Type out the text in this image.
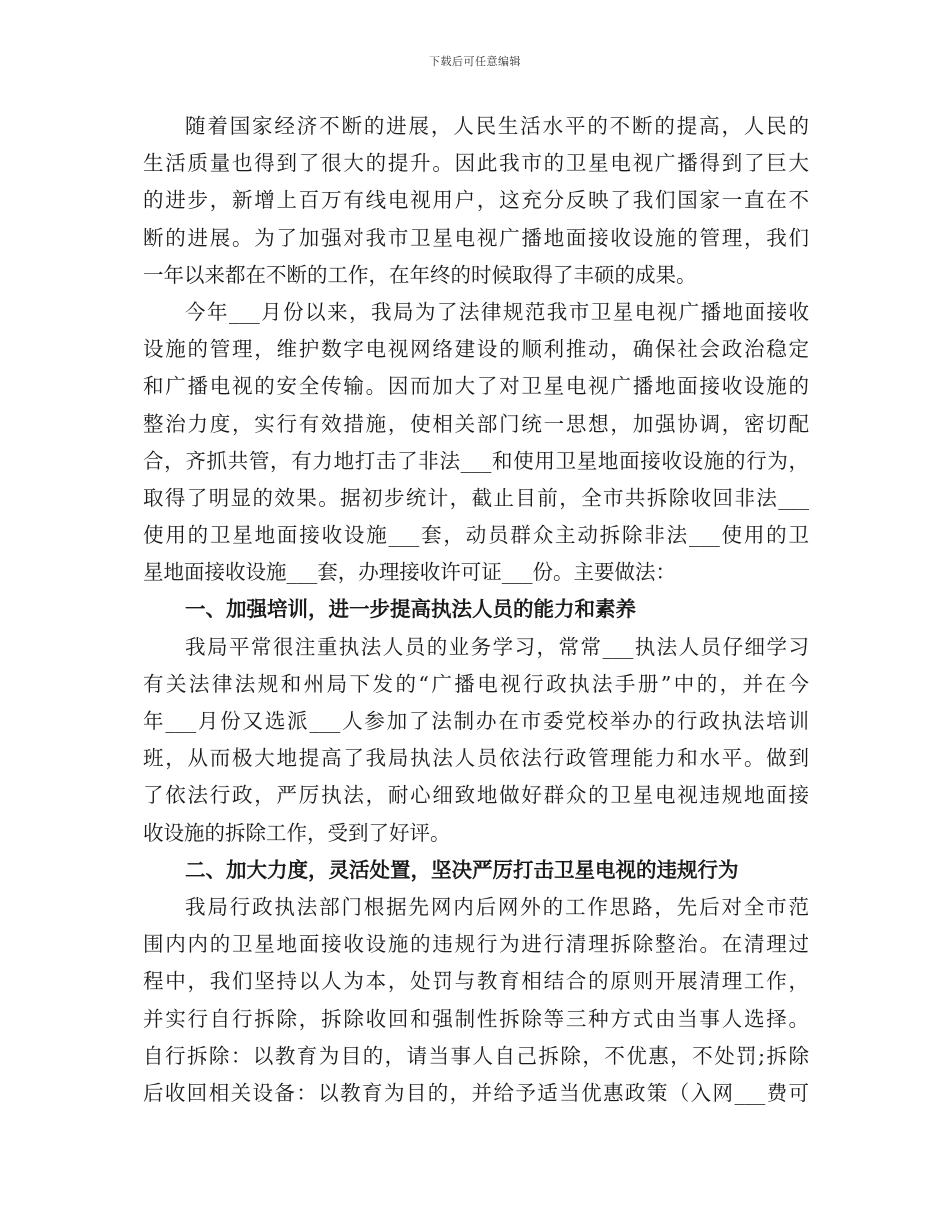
下载后可任意编辑
随着国家经济不断的进展，人民生活水平的不断的提高，人民的
生活质量也得到了很大的提升。因此我市的卫星电视广播得到了巨大
的进步，新增上百万有线电视用户，这充分反映了我们国家一直在不
断的进展。为了加强对我市卫星电视广播地面接收设施的管理，我们
一年以来都在不断的工作，在年终的时候取得了丰硕的成果。
今年___月份以来，我局为了法律规范我市卫星电视广播地面接收
设施的管理，维护数字电视网络建设的顺利推动，确保社会政治稳定
和广播电视的安全传输。因而加大了对卫星电视广播地面接收设施的
整治力度，实行有效措施，使相关部门统一思想，加强协调，密切配
合，齐抓共管，有力地打击了非法___和使用卫星地面接收设施的行为，
取得了明显的效果。据初步统计，截止目前，全市共拆除收回非法___
使用的卫星地面接收设施___套，动员群众主动拆除非法___使用的卫
星地面接收设施___套，办理接收许可证___份。主要做法：
一、加强培训，进一步提高执法人员的能力和素养
我局平常很注重执法人员的业务学习，常常___执法人员仔细学习
有关法律法规和州局下发的“广播电视行政执法手册”中的，并在今
年___月份又选派___人参加了法制办在市委党校举办的行政执法培训
班，从而极大地提高了我局执法人员依法行政管理能力和水平。做到
了依法行政，严厉执法，耐心细致地做好群众的卫星电视违规地面接
收设施的拆除工作，受到了好评。
二、加大力度，灵活处置，坚决严厉打击卫星电视的违规行为
我局行政执法部门根据先网内后网外的工作思路，先后对全市范
围内内的卫星地面接收设施的违规行为进行清理拆除整治。在清理过
程中，我们坚持以人为本，处罚与教育相结合的原则开展清理工作，
并实行自行拆除，拆除收回和强制性拆除等三种方式由当事人选择。
自行拆除：以教育为目的，请当事人自己拆除，不优惠，不处罚;拆除
后收回相关设备：以教育为目的，并给予适当优惠政策（入网___费可
